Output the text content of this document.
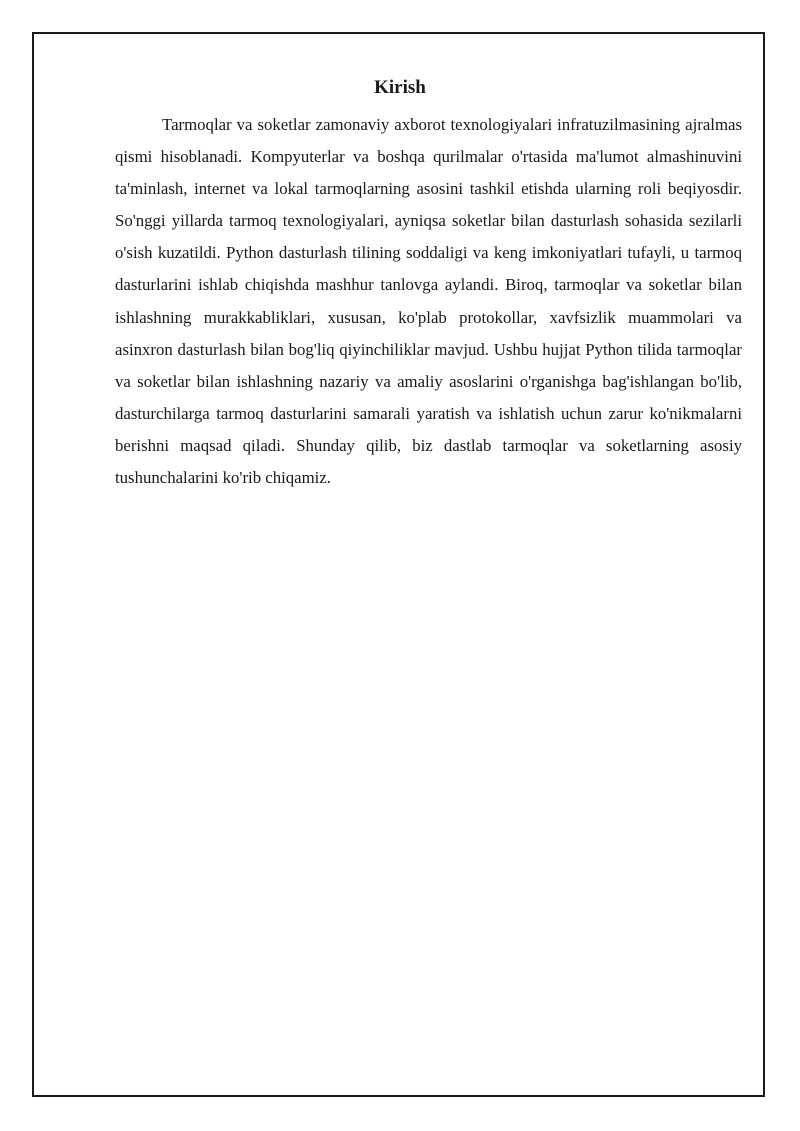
Kirish

Tarmoqlar va soketlar zamonaviy axborot texnologiyalari infratuzilmasining ajralmas qismi hisoblanadi. Kompyuterlar va boshqa qurilmalar o'rtasida ma'lumot almashinuvini ta'minlash, internet va lokal tarmoqlarning asosini tashkil etishda ularning roli beqiyosdir. So'nggi yillarda tarmoq texnologiyalari, ayniqsa soketlar bilan dasturlash sohasida sezilarli o'sish kuzatildi. Python dasturlash tilining soddaligi va keng imkoniyatlari tufayli, u tarmoq dasturlarini ishlab chiqishda mashhur tanlovga aylandi. Biroq, tarmoqlar va soketlar bilan ishlashning murakkabliklari, xususan, ko'plab protokollar, xavfsizlik muammolari va asinxron dasturlash bilan bog'liq qiyinchiliklar mavjud. Ushbu hujjat Python tilida tarmoqlar va soketlar bilan ishlashning nazariy va amaliy asoslarini o'rganishga bag'ishlangan bo'lib, dasturchilarga tarmoq dasturlarini samarali yaratish va ishlatish uchun zarur ko'nikmalarni berishni maqsad qiladi. Shunday qilib, biz dastlab tarmoqlar va soketlarning asosiy tushunchalarini ko'rib chiqamiz.
